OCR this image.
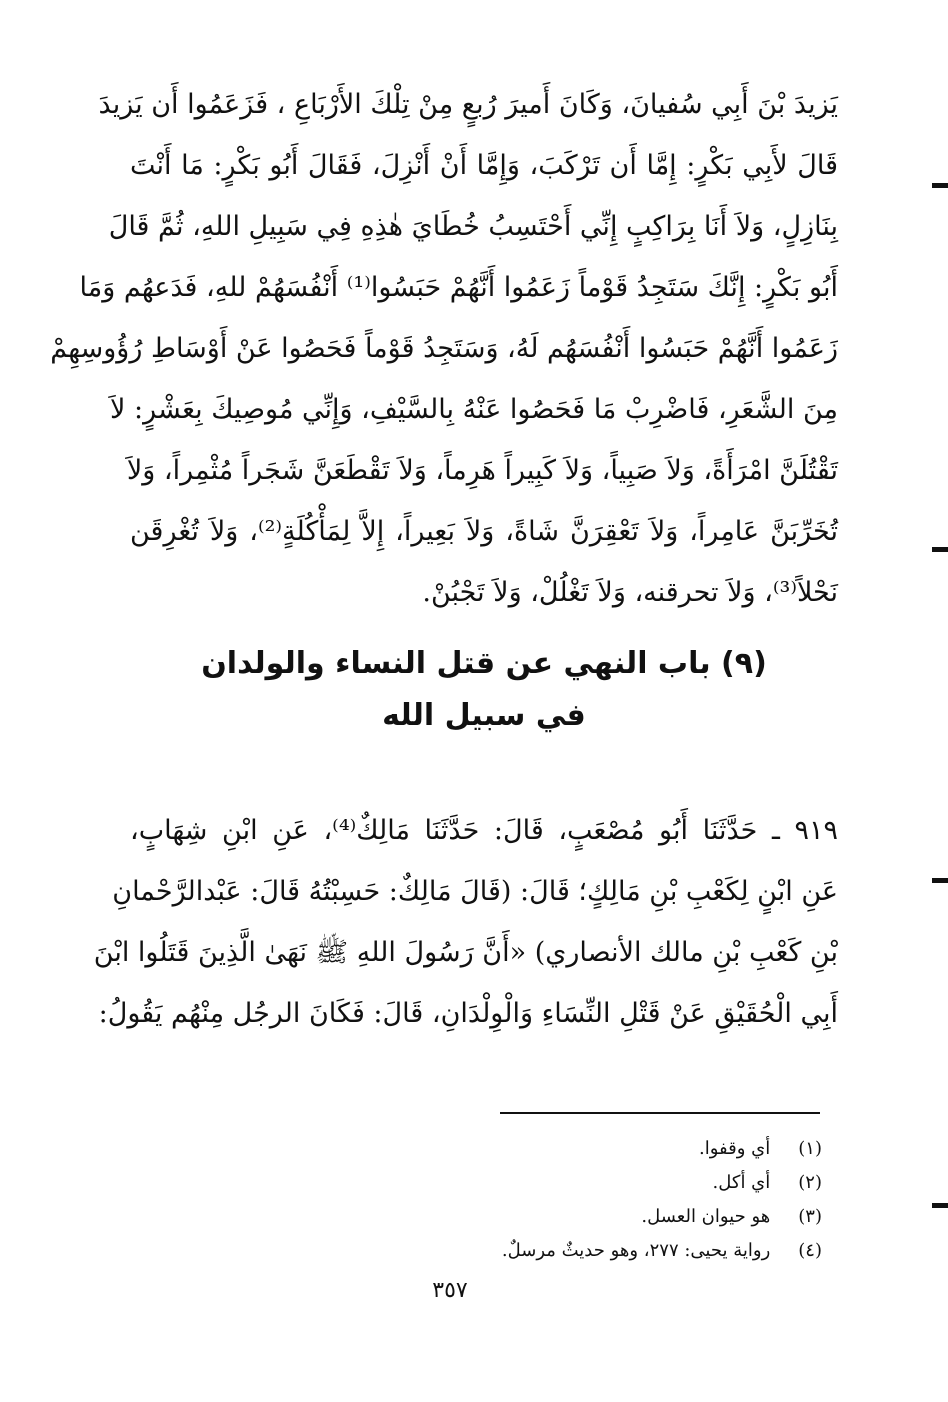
يَزيدَ بْنَ أَبِي سُفيانَ، وَكَانَ أَميرَ رُبعٍ مِنْ تِلْكَ الأَرْبَاعِ ، فَزَعَمُوا أَن يَزيدَ
قَالَ لأَبِي بَكْرٍ: إِمَّا أَن تَرْكَبَ، وَإِمَّا أَنْ أَنْزِلَ، فَقَالَ أَبُو بَكْرٍ: مَا أَنْتَ
بِنَازِلٍ، وَلاَ أَنَا بِرَاكِبٍ إِنِّي أَحْتَسِبُ خُطَايَ هٰذِهِ فِي سَبِيلِ اللهِ، ثُمَّ قَالَ
أَبُو بَكْرٍ: إِنَّكَ سَتَجِدُ قَوْماً زَعَمُوا أَنَّهُمْ حَبَسُوا⁽¹⁾ أَنْفُسَهُمْ للهِ، فَدَعهُم وَمَا
زَعَمُوا أَنَّهُمْ حَبَسُوا أَنْفُسَهُم لَهُ، وَسَتَجِدُ قَوْماً فَحَصُوا عَنْ أَوْسَاطِ رُؤُوسِهِمْ
مِنَ الشَّعَرِ، فَاضْرِبْ مَا فَحَصُوا عَنْهُ بِالسَّيْفِ، وَإِنِّي مُوصِيكَ بِعَشْرٍ: لاَ
تَقْتُلَنَّ امْرَأَةً، وَلاَ صَبِياً، وَلاَ كَبِيراً هَرِماً، وَلاَ تَقْطَعَنَّ شَجَراً مُثْمِراً، وَلاَ
تُخَرِّبَنَّ عَامِراً، وَلاَ تَعْقِرَنَّ شَاةً، وَلاَ بَعِيراً، إِلاَّ لِمَأْكُلَةٍ⁽²⁾، وَلاَ تُغْرِقَن
نَحْلاً⁽³⁾، وَلاَ تحرقنه، وَلاَ تَغْلُلْ، وَلاَ تَجْبُنْ.

(٩) باب النهي عن قتل النساء والولدان
في سبيل الله

٩١٩ ـ حَدَّثَنَا أَبُو مُصْعَبٍ، قَالَ: حَدَّثَنَا مَالِكٌ⁽⁴⁾، عَنِ ابْنِ شِهَابٍ،
عَنِ ابْنٍ لِكَعْبِ بْنِ مَالِكٍ؛ قَالَ: (قَالَ مَالِكٌ: حَسِبْتُهُ قَالَ: عَبْدالرَّحْمانِ
بْنِ كَعْبِ بْنِ مالك الأنصاري) «أَنَّ رَسُولَ اللهِ ﷺ نَهَىٰ الَّذِينَ قَتَلُوا ابْنَ
أَبِي الْحُقَيْقِ عَنْ قَتْلِ النِّسَاءِ وَالْوِلْدَانِ، قَالَ: فَكَانَ الرجُل مِنْهُم يَقُولُ:

(١) أي وقفوا.
(٢) أي أكل.
(٣) هو حيوان العسل.
(٤) رواية يحيى: ٢٧٧، وهو حديثٌ مرسلٌ.
٣٥٧
